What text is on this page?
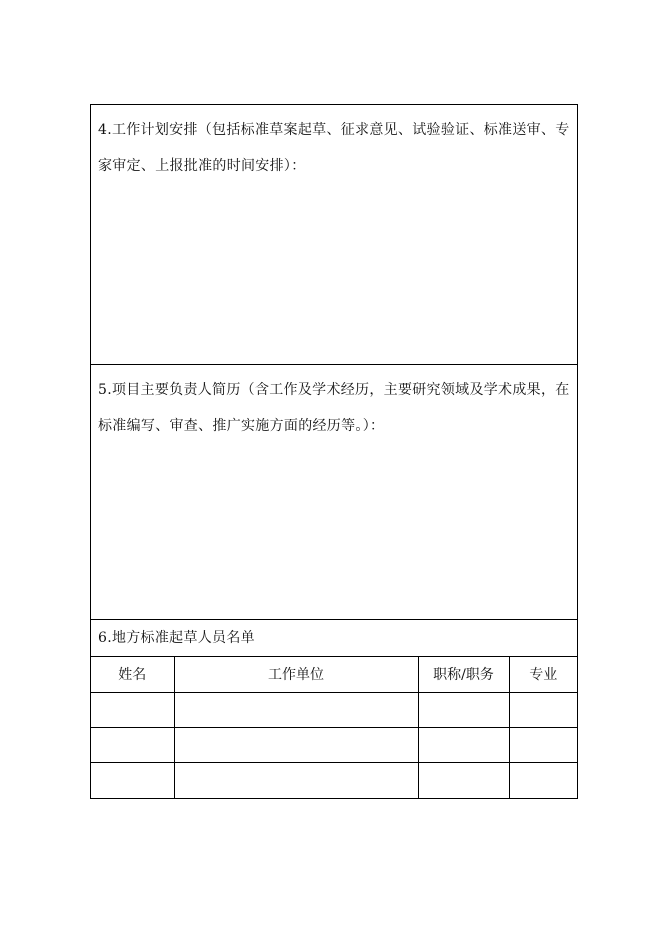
4.工作计划安排（包括标准草案起草、征求意见、试验验证、标准送审、专家审定、上报批准的时间安排）：

5.项目主要负责人简历（含工作及学术经历，主要研究领域及学术成果，在标准编写、审查、推广实施方面的经历等。）：

6.地方标准起草人员名单

姓名	工作单位	职称/职务	专业
